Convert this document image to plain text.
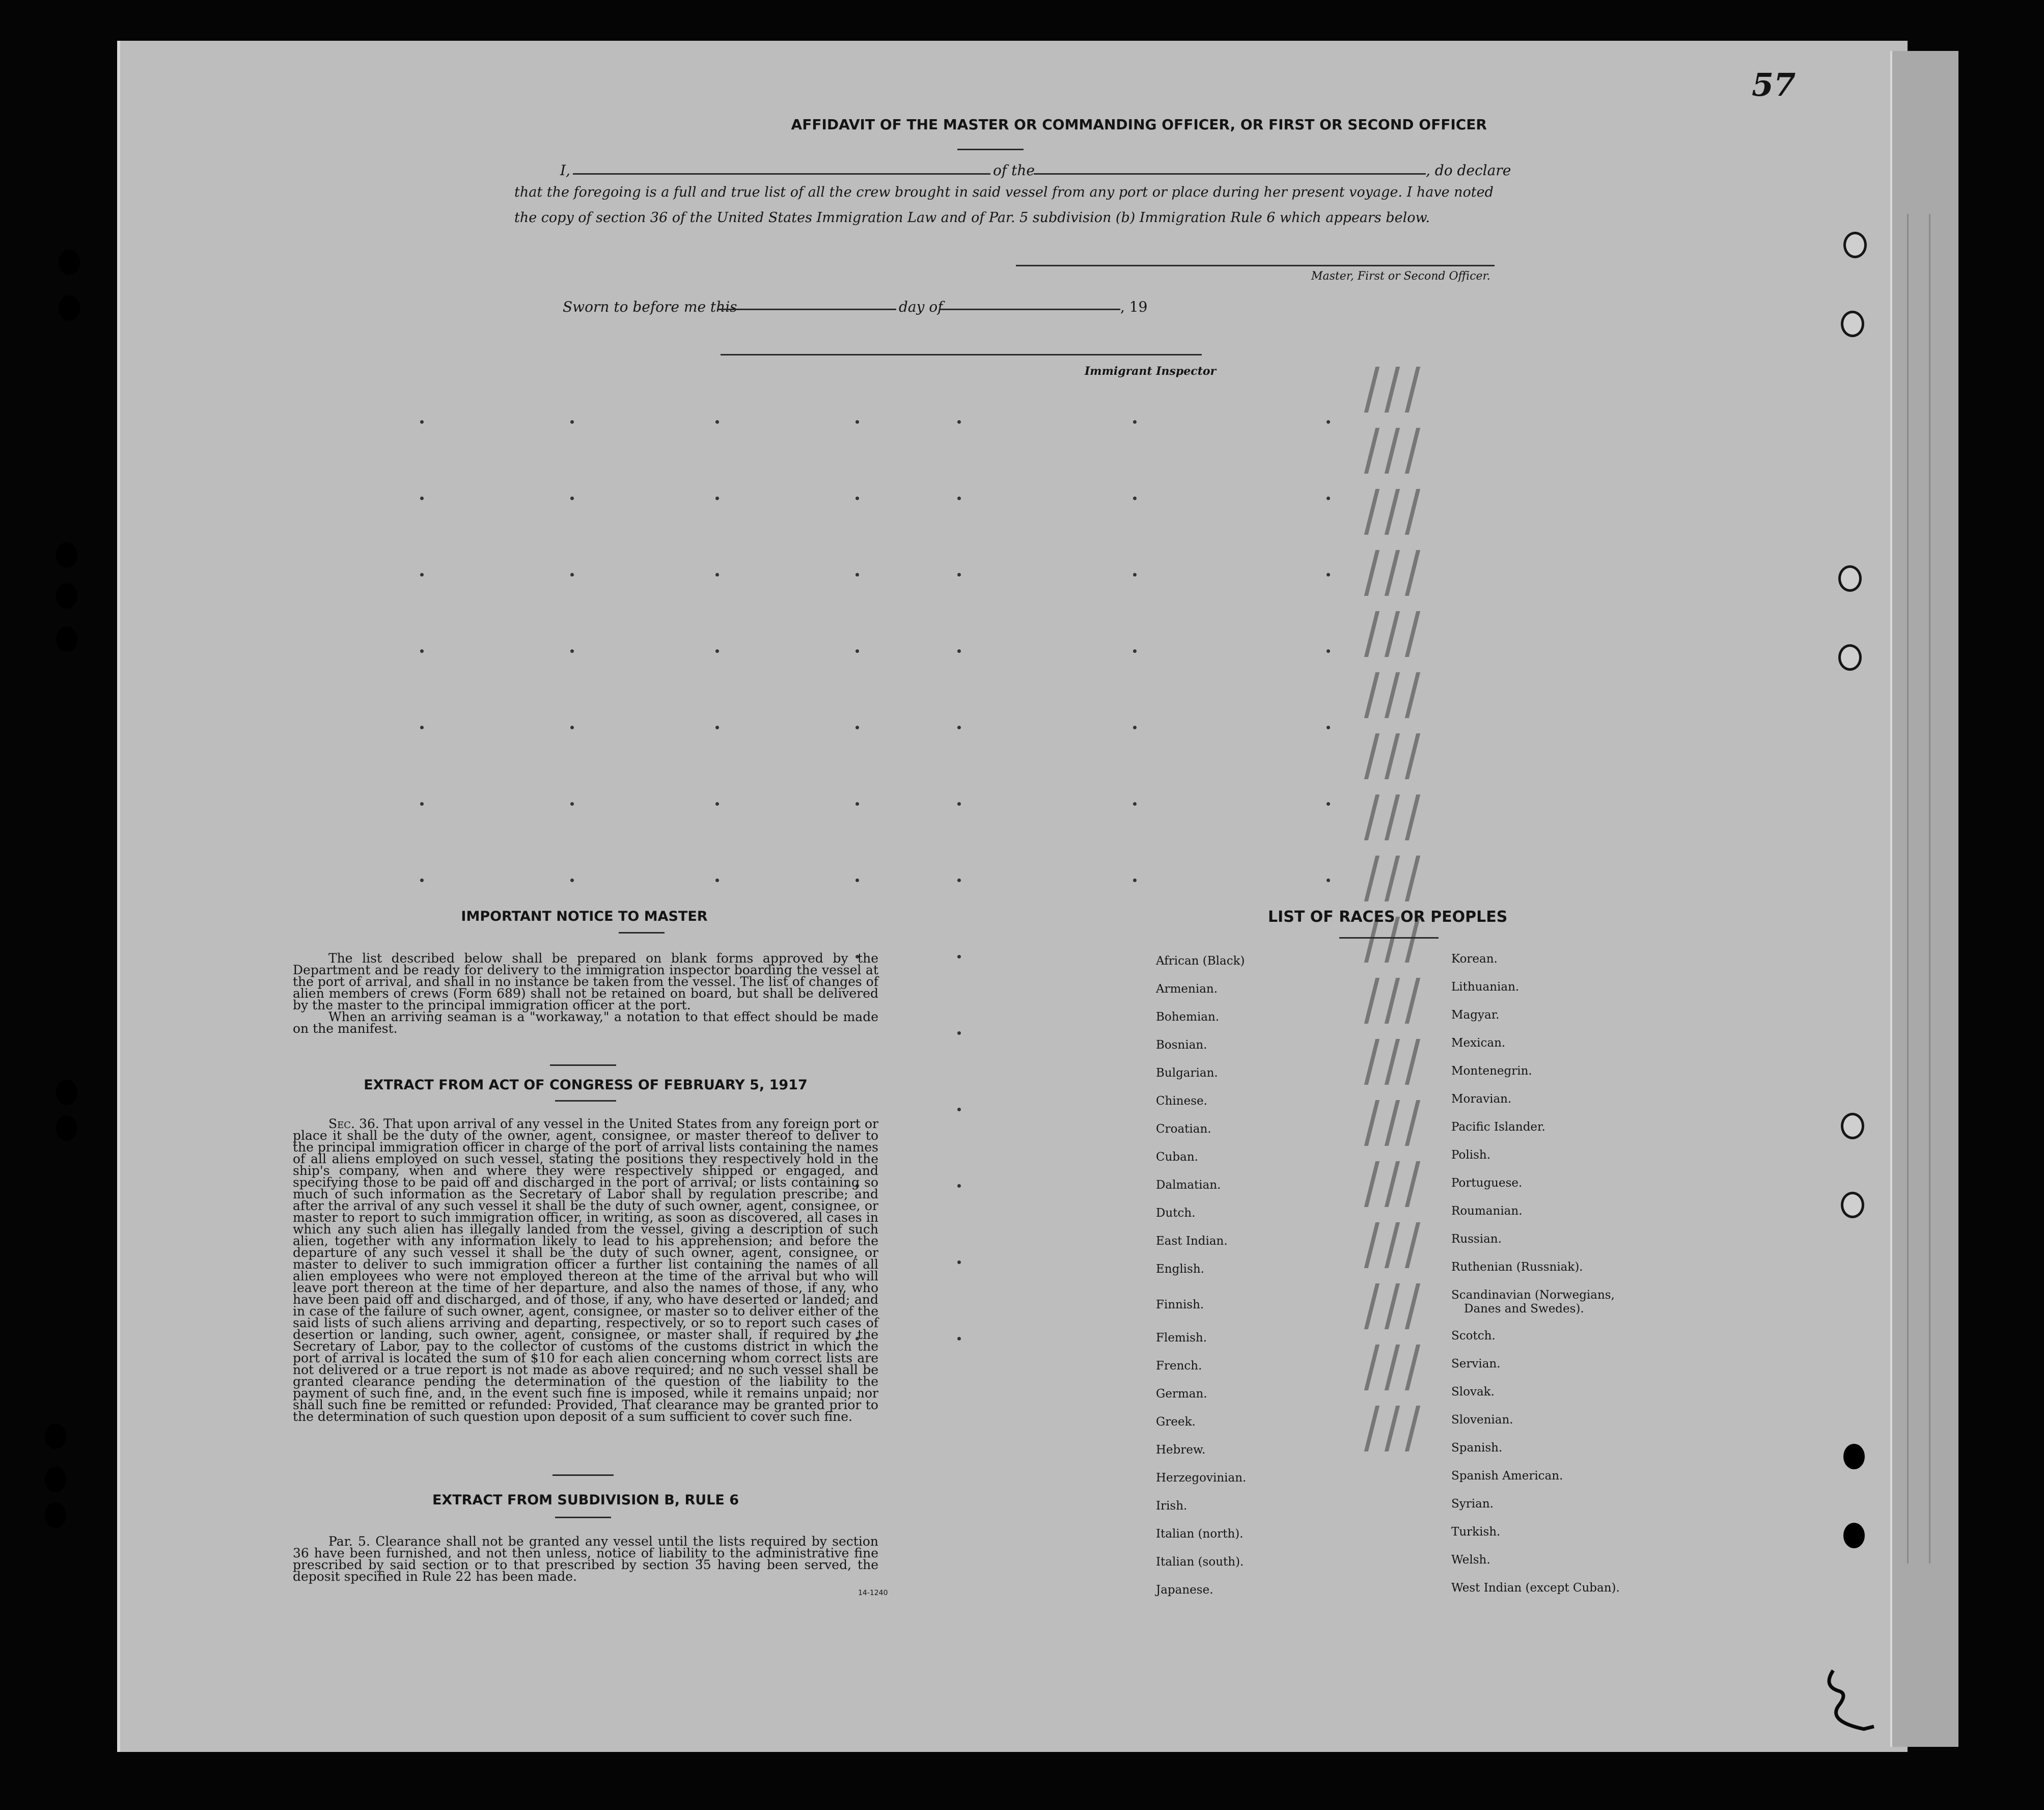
57
AFFIDAVIT OF THE MASTER OR COMMANDING OFFICER, OR FIRST OR SECOND OFFICER
I,	of the	, do declare
that the foregoing is a full and true list of all the crew brought in said vessel from any port or place during her present voyage. I have noted
the copy of section 36 of the United States Immigration Law and of Par. 5 subdivision (b) Immigration Rule 6 which appears below.
Master, First or Second Officer.
Sworn to before me this	day of	, 19
Immigrant Inspector
IMPORTANT NOTICE TO MASTER

The list described below shall be prepared on blank forms approved by the Department and be ready for delivery to the immigration inspector boarding the vessel at the port of arrival, and shall in no instance be taken from the vessel. The list of changes of alien members of crews (Form 689) shall not be retained on board, but shall be delivered by the master to the principal immigration officer at the port.

When an arriving seaman is a "workaway," a notation to that effect should be made on the manifest.

EXTRACT FROM ACT OF CONGRESS OF FEBRUARY 5, 1917

Sec. 36. That upon arrival of any vessel in the United States from any foreign port or place it shall be the duty of the owner, agent, consignee, or master thereof to deliver to the principal immigration officer in charge of the port of arrival lists containing the names of all aliens employed on such vessel, stating the positions they respectively hold in the ship's company, when and where they were respectively shipped or engaged, and specifying those to be paid off and discharged in the port of arrival; or lists containing so much of such information as the Secretary of Labor shall by regulation prescribe; and after the arrival of any such vessel it shall be the duty of such owner, agent, consignee, or master to report to such immigration officer, in writing, as soon as discovered, all cases in which any such alien has illegally landed from the vessel, giving a description of such alien, together with any information likely to lead to his apprehension; and before the departure of any such vessel it shall be the duty of such owner, agent, consignee, or master to deliver to such immigration officer a further list containing the names of all alien employees who were not employed thereon at the time of the arrival but who will leave port thereon at the time of her departure, and also the names of those, if any, who have been paid off and discharged, and of those, if any, who have deserted or landed; and in case of the failure of such owner, agent, consignee, or master so to deliver either of the said lists of such aliens arriving and departing, respectively, or so to report such cases of desertion or landing, such owner, agent, consignee, or master shall, if required by the Secretary of Labor, pay to the collector of customs of the customs district in which the port of arrival is located the sum of $10 for each alien concerning whom correct lists are not delivered or a true report is not made as above required; and no such vessel shall be granted clearance pending the determination of the question of the liability to the payment of such fine, and, in the event such fine is imposed, while it remains unpaid; nor shall such fine be remitted or refunded: Provided, That clearance may be granted prior to the determination of such question upon deposit of a sum sufficient to cover such fine.

EXTRACT FROM SUBDIVISION B, RULE 6

Par. 5. Clearance shall not be granted any vessel until the lists required by section 36 have been furnished, and not then unless, notice of liability to the administrative fine prescribed by said section or to that prescribed by section 35 having been served, the deposit specified in Rule 22 has been made.

14-1240
LIST OF RACES OR PEOPLES
African (Black)
Armenian.
Bohemian.
Bosnian.
Bulgarian.
Chinese.
Croatian.
Cuban.
Dalmatian.
Dutch.
East Indian.
English.
Finnish.
Flemish.
French.
German.
Greek.
Hebrew.
Herzegovinian.
Irish.
Italian (north).
Italian (south).
Japanese.
Korean.
Lithuanian.
Magyar.
Mexican.
Montenegrin.
Moravian.
Pacific Islander.
Polish.
Portuguese.
Roumanian.
Russian.
Ruthenian (Russniak).
Scandinavian (Norwegians,
Danes and Swedes).
Scotch.
Servian.
Slovak.
Slovenian.
Spanish.
Spanish American.
Syrian.
Turkish.
Welsh.
West Indian (except Cuban).
